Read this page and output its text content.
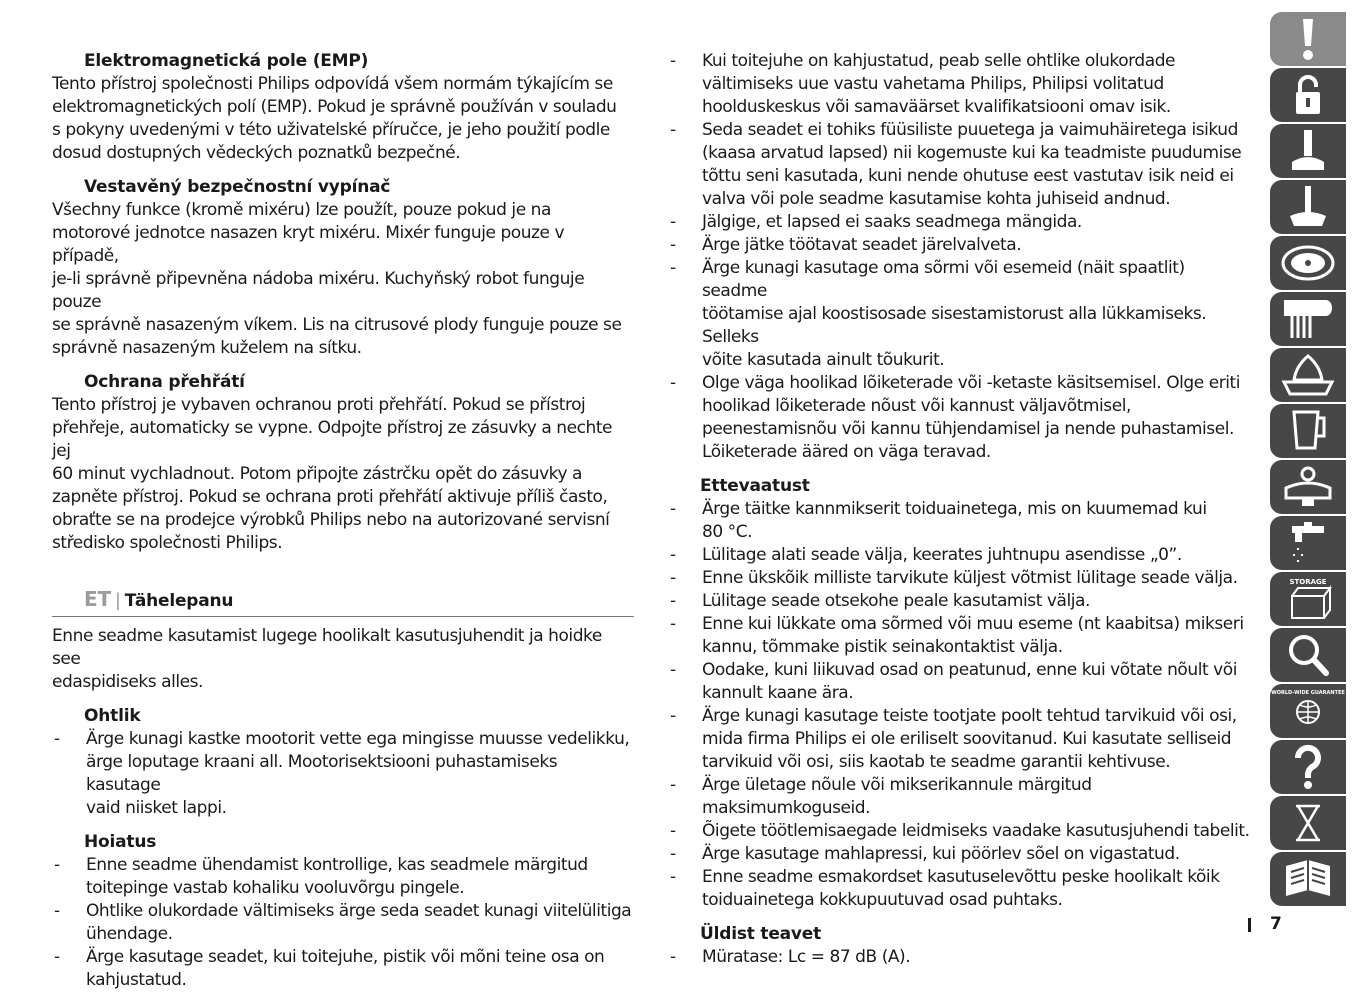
Elektromagnetická pole (EMP)
Tento přístroj společnosti Philips odpovídá všem normám týkajícím se
elektromagnetických polí (EMP). Pokud je správně používán v souladu
s pokyny uvedenými v této uživatelské příručce, je jeho použití podle
dosud dostupných vědeckých poznatků bezpečné.
Vestavěný bezpečnostní vypínač
Všechny funkce (kromě mixéru) lze použít, pouze pokud je na
motorové jednotce nasazen kryt mixéru. Mixér funguje pouze v případě,
je-li správně připevněna nádoba mixéru. Kuchyňský robot funguje pouze
se správně nasazeným víkem. Lis na citrusové plody funguje pouze se
správně nasazeným kuželem na sítku.
Ochrana přehřátí
Tento přístroj je vybaven ochranou proti přehřátí. Pokud se přístroj
přehřeje, automaticky se vypne. Odpojte přístroj ze zásuvky a nechte jej
60 minut vychladnout. Potom připojte zástrčku opět do zásuvky a
zapněte přístroj. Pokud se ochrana proti přehřátí aktivuje příliš často,
obraťte se na prodejce výrobků Philips nebo na autorizované servisní
středisko společnosti Philips.
ET | Tähelepanu
Enne seadme kasutamist lugege hoolikalt kasutusjuhendit ja hoidke see
edaspidiseks alles.
Ohtlik
- Ärge kunagi kastke mootorit vette ega mingisse muusse vedelikku,
ärge loputage kraani all. Mootorisektsiooni puhastamiseks kasutage
vaid niisket lappi.
Hoiatus
- Enne seadme ühendamist kontrollige, kas seadmele märgitud
toitepinge vastab kohaliku vooluvõrgu pingele.
- Ohtlike olukordade vältimiseks ärge seda seadet kunagi viitelülitiga
ühendage.
- Ärge kasutage seadet, kui toitejuhe, pistik või mõni teine osa on
kahjustatud.
- Kui toitejuhe on kahjustatud, peab selle ohtlike olukordade
vältimiseks uue vastu vahetama Philips, Philipsi volitatud
hoolduskeskus või samaväärset kvalifikatsiooni omav isik.
- Seda seadet ei tohiks füüsiliste puuetega ja vaimuhäiretega isikud
(kaasa arvatud lapsed) nii kogemuste kui ka teadmiste puudumise
tõttu seni kasutada, kuni nende ohutuse eest vastutav isik neid ei
valva või pole seadme kasutamise kohta juhiseid andnud.
- Jälgige, et lapsed ei saaks seadmega mängida.
- Ärge jätke töötavat seadet järelvalveta.
- Ärge kunagi kasutage oma sõrmi või esemeid (näit spaatlit) seadme
töötamise ajal koostisosade sisestamistorust alla lükkamiseks. Selleks
võite kasutada ainult tõukurit.
- Olge väga hoolikad lõiketerade või -ketaste käsitsemisel. Olge eriti
hoolikad lõiketerade nõust või kannust väljavõtmisel,
peenestamisnõu või kannu tühjendamisel ja nende puhastamisel.
Lõiketerade ääred on väga teravad.
Ettevaatust
- Ärge täitke kannmikserit toiduainetega, mis on kuumemad kui
80 °C.
- Lülitage alati seade välja, keerates juhtnupu asendisse „0”.
- Enne ükskõik milliste tarvikute küljest võtmist lülitage seade välja.
- Lülitage seade otsekohe peale kasutamist välja.
- Enne kui lükkate oma sõrmed või muu eseme (nt kaabitsa) mikseri
kannu, tõmmake pistik seinakontaktist välja.
- Oodake, kuni liikuvad osad on peatunud, enne kui võtate nõult või
kannult kaane ära.
- Ärge kunagi kasutage teiste tootjate poolt tehtud tarvikuid või osi,
mida firma Philips ei ole eriliselt soovitanud. Kui kasutate selliseid
tarvikuid või osi, siis kaotab te seadme garantii kehtivuse.
- Ärge ületage nõule või mikserikannule märgitud maksimumkoguseid.
- Õigete töötlemisaegade leidmiseks vaadake kasutusjuhendi tabelit.
- Ärge kasutage mahlapressi, kui pöörlev sõel on vigastatud.
- Enne seadme esmakordset kasutuselevõttu peske hoolikalt kõik
toiduainetega kokkupuutuvad osad puhtaks.
Üldist teavet
- Müratase: Lc = 87 dB (A).
STORAGE
WORLD-WIDE GUARANTEE
7
